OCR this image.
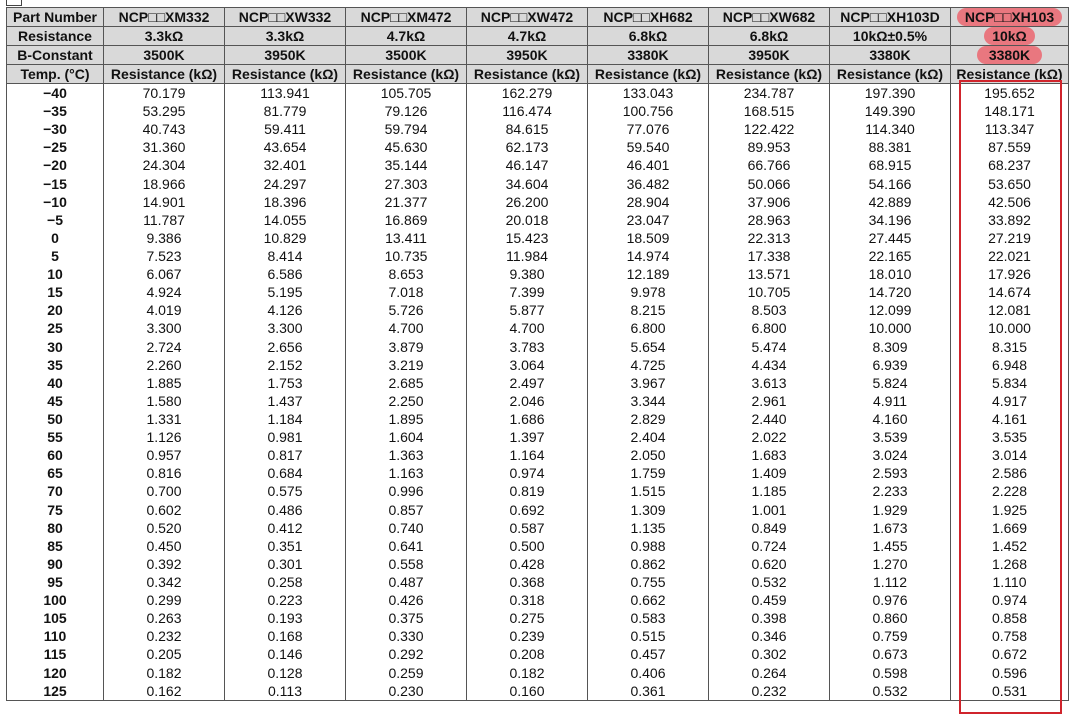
Part Number	NCP□□XM332	NCP□□XW332	NCP□□XM472	NCP□□XW472	NCP□□XH682	NCP□□XW682	NCP□□XH103D	NCP□□XH103
Resistance	3.3kΩ	3.3kΩ	4.7kΩ	4.7kΩ	6.8kΩ	6.8kΩ	10kΩ±0.5%	10kΩ
B-Constant	3500K	3950K	3500K	3950K	3380K	3950K	3380K	3380K
Temp. (°C)	Resistance (kΩ)	Resistance (kΩ)	Resistance (kΩ)	Resistance (kΩ)	Resistance (kΩ)	Resistance (kΩ)	Resistance (kΩ)	Resistance (kΩ)
−40	70.179	113.941	105.705	162.279	133.043	234.787	197.390	195.652
−35	53.295	81.779	79.126	116.474	100.756	168.515	149.390	148.171
−30	40.743	59.411	59.794	84.615	77.076	122.422	114.340	113.347
−25	31.360	43.654	45.630	62.173	59.540	89.953	88.381	87.559
−20	24.304	32.401	35.144	46.147	46.401	66.766	68.915	68.237
−15	18.966	24.297	27.303	34.604	36.482	50.066	54.166	53.650
−10	14.901	18.396	21.377	26.200	28.904	37.906	42.889	42.506
−5	11.787	14.055	16.869	20.018	23.047	28.963	34.196	33.892
0	9.386	10.829	13.411	15.423	18.509	22.313	27.445	27.219
5	7.523	8.414	10.735	11.984	14.974	17.338	22.165	22.021
10	6.067	6.586	8.653	9.380	12.189	13.571	18.010	17.926
15	4.924	5.195	7.018	7.399	9.978	10.705	14.720	14.674
20	4.019	4.126	5.726	5.877	8.215	8.503	12.099	12.081
25	3.300	3.300	4.700	4.700	6.800	6.800	10.000	10.000
30	2.724	2.656	3.879	3.783	5.654	5.474	8.309	8.315
35	2.260	2.152	3.219	3.064	4.725	4.434	6.939	6.948
40	1.885	1.753	2.685	2.497	3.967	3.613	5.824	5.834
45	1.580	1.437	2.250	2.046	3.344	2.961	4.911	4.917
50	1.331	1.184	1.895	1.686	2.829	2.440	4.160	4.161
55	1.126	0.981	1.604	1.397	2.404	2.022	3.539	3.535
60	0.957	0.817	1.363	1.164	2.050	1.683	3.024	3.014
65	0.816	0.684	1.163	0.974	1.759	1.409	2.593	2.586
70	0.700	0.575	0.996	0.819	1.515	1.185	2.233	2.228
75	0.602	0.486	0.857	0.692	1.309	1.001	1.929	1.925
80	0.520	0.412	0.740	0.587	1.135	0.849	1.673	1.669
85	0.450	0.351	0.641	0.500	0.988	0.724	1.455	1.452
90	0.392	0.301	0.558	0.428	0.862	0.620	1.270	1.268
95	0.342	0.258	0.487	0.368	0.755	0.532	1.112	1.110
100	0.299	0.223	0.426	0.318	0.662	0.459	0.976	0.974
105	0.263	0.193	0.375	0.275	0.583	0.398	0.860	0.858
110	0.232	0.168	0.330	0.239	0.515	0.346	0.759	0.758
115	0.205	0.146	0.292	0.208	0.457	0.302	0.673	0.672
120	0.182	0.128	0.259	0.182	0.406	0.264	0.598	0.596
125	0.162	0.113	0.230	0.160	0.361	0.232	0.532	0.531
